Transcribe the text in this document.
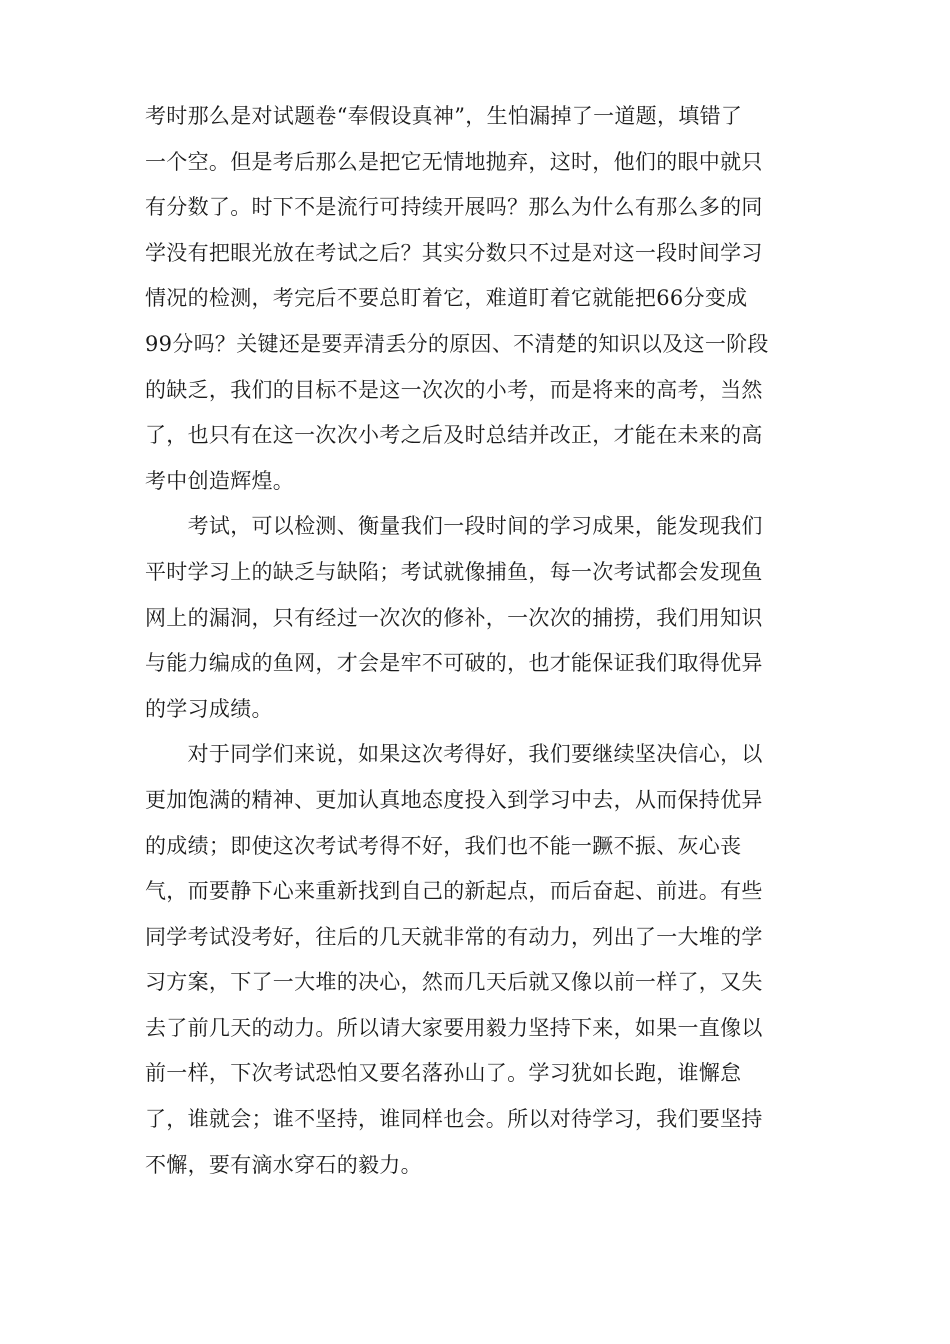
考时那么是对试题卷“奉假设真神”，生怕漏掉了一道题，填错了
一个空。但是考后那么是把它无情地抛弃，这时，他们的眼中就只
有分数了。时下不是流行可持续开展吗？那么为什么有那么多的同
学没有把眼光放在考试之后？其实分数只不过是对这一段时间学习
情况的检测，考完后不要总盯着它，难道盯着它就能把66分变成
99分吗？关键还是要弄清丢分的原因、不清楚的知识以及这一阶段
的缺乏，我们的目标不是这一次次的小考，而是将来的高考，当然
了，也只有在这一次次小考之后及时总结并改正，才能在未来的高
考中创造辉煌。
　　考试，可以检测、衡量我们一段时间的学习成果，能发现我们
平时学习上的缺乏与缺陷；考试就像捕鱼，每一次考试都会发现鱼
网上的漏洞，只有经过一次次的修补，一次次的捕捞，我们用知识
与能力编成的鱼网，才会是牢不可破的，也才能保证我们取得优异
的学习成绩。
　　对于同学们来说，如果这次考得好，我们要继续坚决信心，以
更加饱满的精神、更加认真地态度投入到学习中去，从而保持优异
的成绩；即使这次考试考得不好，我们也不能一蹶不振、灰心丧
气，而要静下心来重新找到自己的新起点，而后奋起、前进。有些
同学考试没考好，往后的几天就非常的有动力，列出了一大堆的学
习方案，下了一大堆的决心，然而几天后就又像以前一样了，又失
去了前几天的动力。所以请大家要用毅力坚持下来，如果一直像以
前一样，下次考试恐怕又要名落孙山了。学习犹如长跑，谁懈怠
了，谁就会；谁不坚持，谁同样也会。所以对待学习，我们要坚持
不懈，要有滴水穿石的毅力。
